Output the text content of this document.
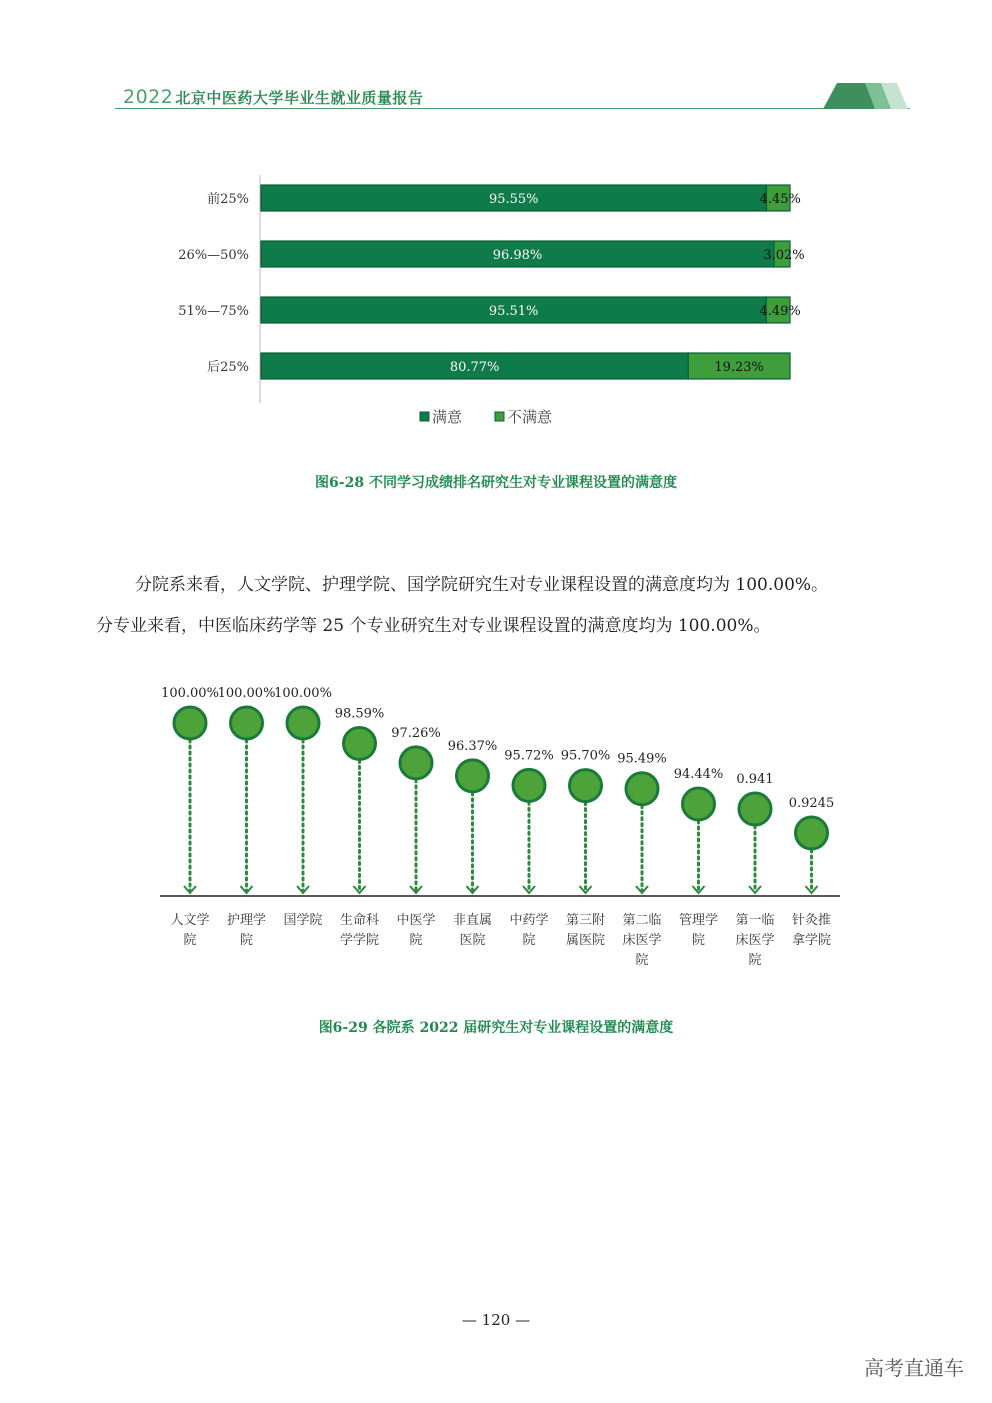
2022 北京中医药大学毕业生就业质量报告
前25%	95.55%	4.45%
26%—50%	96.98%	3.02%
51%—75%	95.51%	4.49%
后25%	80.77%	19.23%
满意	不满意
图6-28 不同学习成绩排名研究生对专业课程设置的满意度
分院系来看，人文学院、护理学院、国学院研究生对专业课程设置的满意度均为 100.00%。
分专业来看，中医临床药学等 25 个专业研究生对专业课程设置的满意度均为 100.00%。
100.00%
人文学
院
100.00%
护理学
院
100.00%
国学院
98.59%
生命科
学学院
97.26%
中医学
院
96.37%
非直属
医院
95.72%
中药学
院
95.70%
第三附
属医院
95.49%
第二临
床医学
院
94.44%
管理学
院
0.941
第一临
床医学
院
0.9245
针灸推
拿学院
图6-29 各院系 2022 届研究生对专业课程设置的满意度
— 120 —
高考直通车
